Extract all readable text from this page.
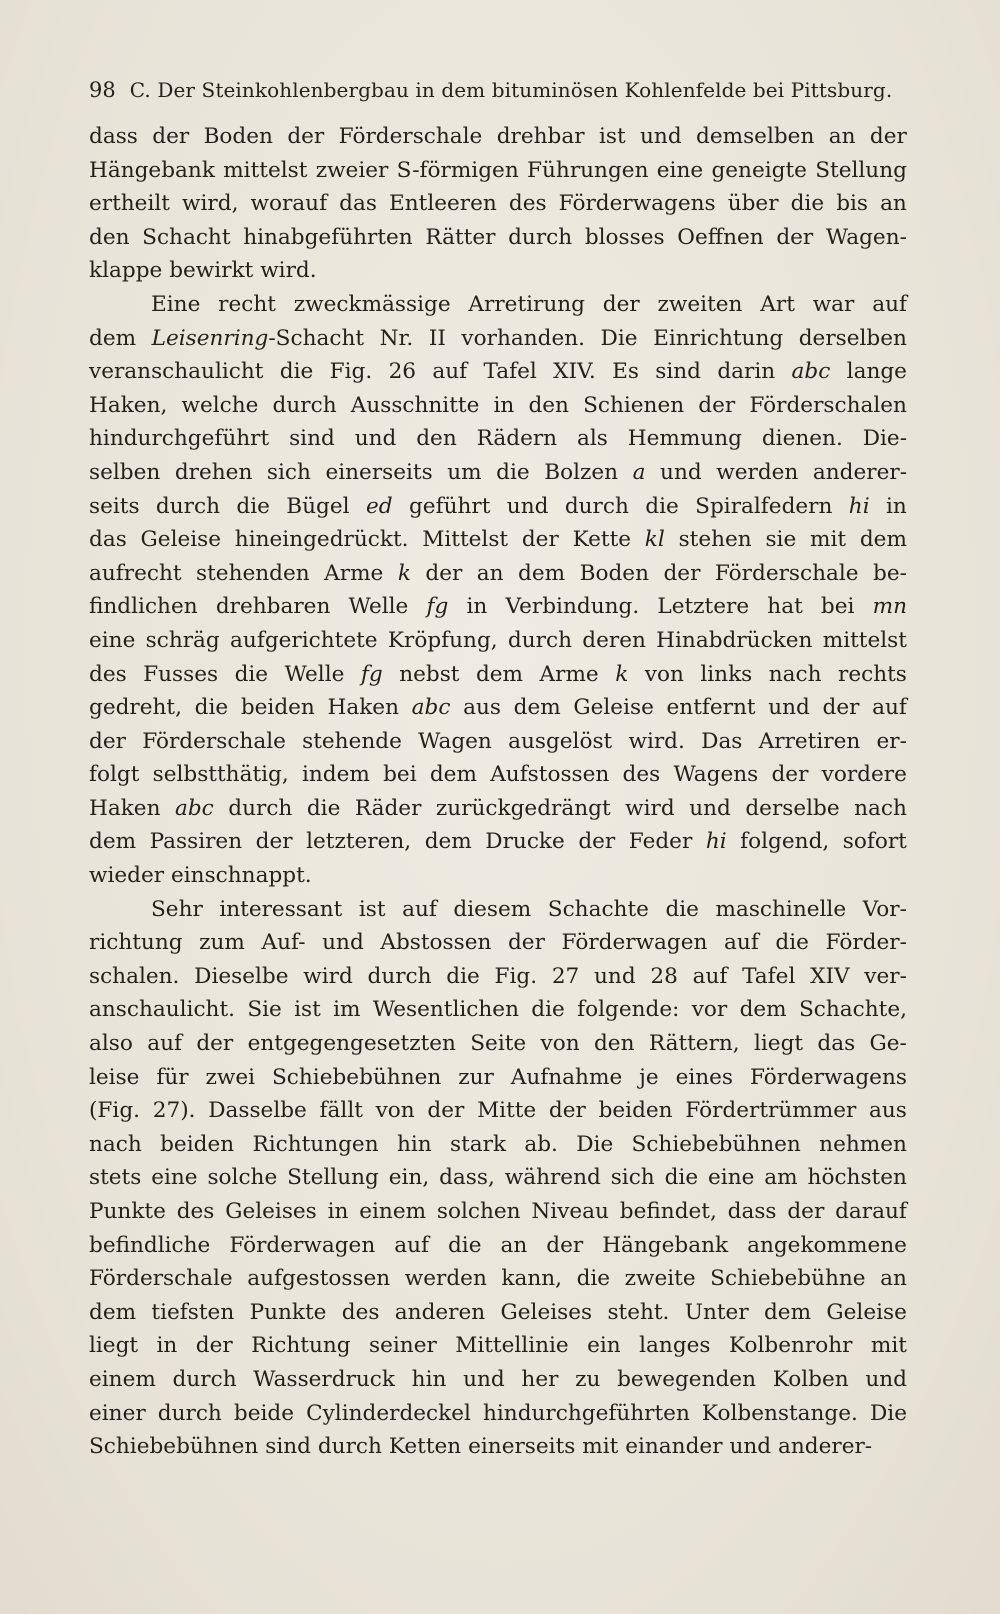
98 C. Der Steinkohlenbergbau in dem bituminösen Kohlenfelde bei Pittsburg.
dass der Boden der Förderschale drehbar ist und demselben an der
Hängebank mittelst zweier S-förmigen Führungen eine geneigte Stellung
ertheilt wird, worauf das Entleeren des Förderwagens über die bis an
den Schacht hinabgeführten Rätter durch blosses Oeffnen der Wagen-
klappe bewirkt wird.
Eine recht zweckmässige Arretirung der zweiten Art war auf
dem Leisenring-Schacht Nr. II vorhanden. Die Einrichtung derselben
veranschaulicht die Fig. 26 auf Tafel XIV. Es sind darin abc lange
Haken, welche durch Ausschnitte in den Schienen der Förderschalen
hindurchgeführt sind und den Rädern als Hemmung dienen. Die-
selben drehen sich einerseits um die Bolzen a und werden anderer-
seits durch die Bügel ed geführt und durch die Spiralfedern hi in
das Geleise hineingedrückt. Mittelst der Kette kl stehen sie mit dem
aufrecht stehenden Arme k der an dem Boden der Förderschale be-
findlichen drehbaren Welle fg in Verbindung. Letztere hat bei mn
eine schräg aufgerichtete Kröpfung, durch deren Hinabdrücken mittelst
des Fusses die Welle fg nebst dem Arme k von links nach rechts
gedreht, die beiden Haken abc aus dem Geleise entfernt und der auf
der Förderschale stehende Wagen ausgelöst wird. Das Arretiren er-
folgt selbstthätig, indem bei dem Aufstossen des Wagens der vordere
Haken abc durch die Räder zurückgedrängt wird und derselbe nach
dem Passiren der letzteren, dem Drucke der Feder hi folgend, sofort
wieder einschnappt.
Sehr interessant ist auf diesem Schachte die maschinelle Vor-
richtung zum Auf- und Abstossen der Förderwagen auf die Förder-
schalen. Dieselbe wird durch die Fig. 27 und 28 auf Tafel XIV ver-
anschaulicht. Sie ist im Wesentlichen die folgende: vor dem Schachte,
also auf der entgegengesetzten Seite von den Rättern, liegt das Ge-
leise für zwei Schiebebühnen zur Aufnahme je eines Förderwagens
(Fig. 27). Dasselbe fällt von der Mitte der beiden Fördertrümmer aus
nach beiden Richtungen hin stark ab. Die Schiebebühnen nehmen
stets eine solche Stellung ein, dass, während sich die eine am höchsten
Punkte des Geleises in einem solchen Niveau befindet, dass der darauf
befindliche Förderwagen auf die an der Hängebank angekommene
Förderschale aufgestossen werden kann, die zweite Schiebebühne an
dem tiefsten Punkte des anderen Geleises steht. Unter dem Geleise
liegt in der Richtung seiner Mittellinie ein langes Kolbenrohr mit
einem durch Wasserdruck hin und her zu bewegenden Kolben und
einer durch beide Cylinderdeckel hindurchgeführten Kolbenstange. Die
Schiebebühnen sind durch Ketten einerseits mit einander und anderer-
